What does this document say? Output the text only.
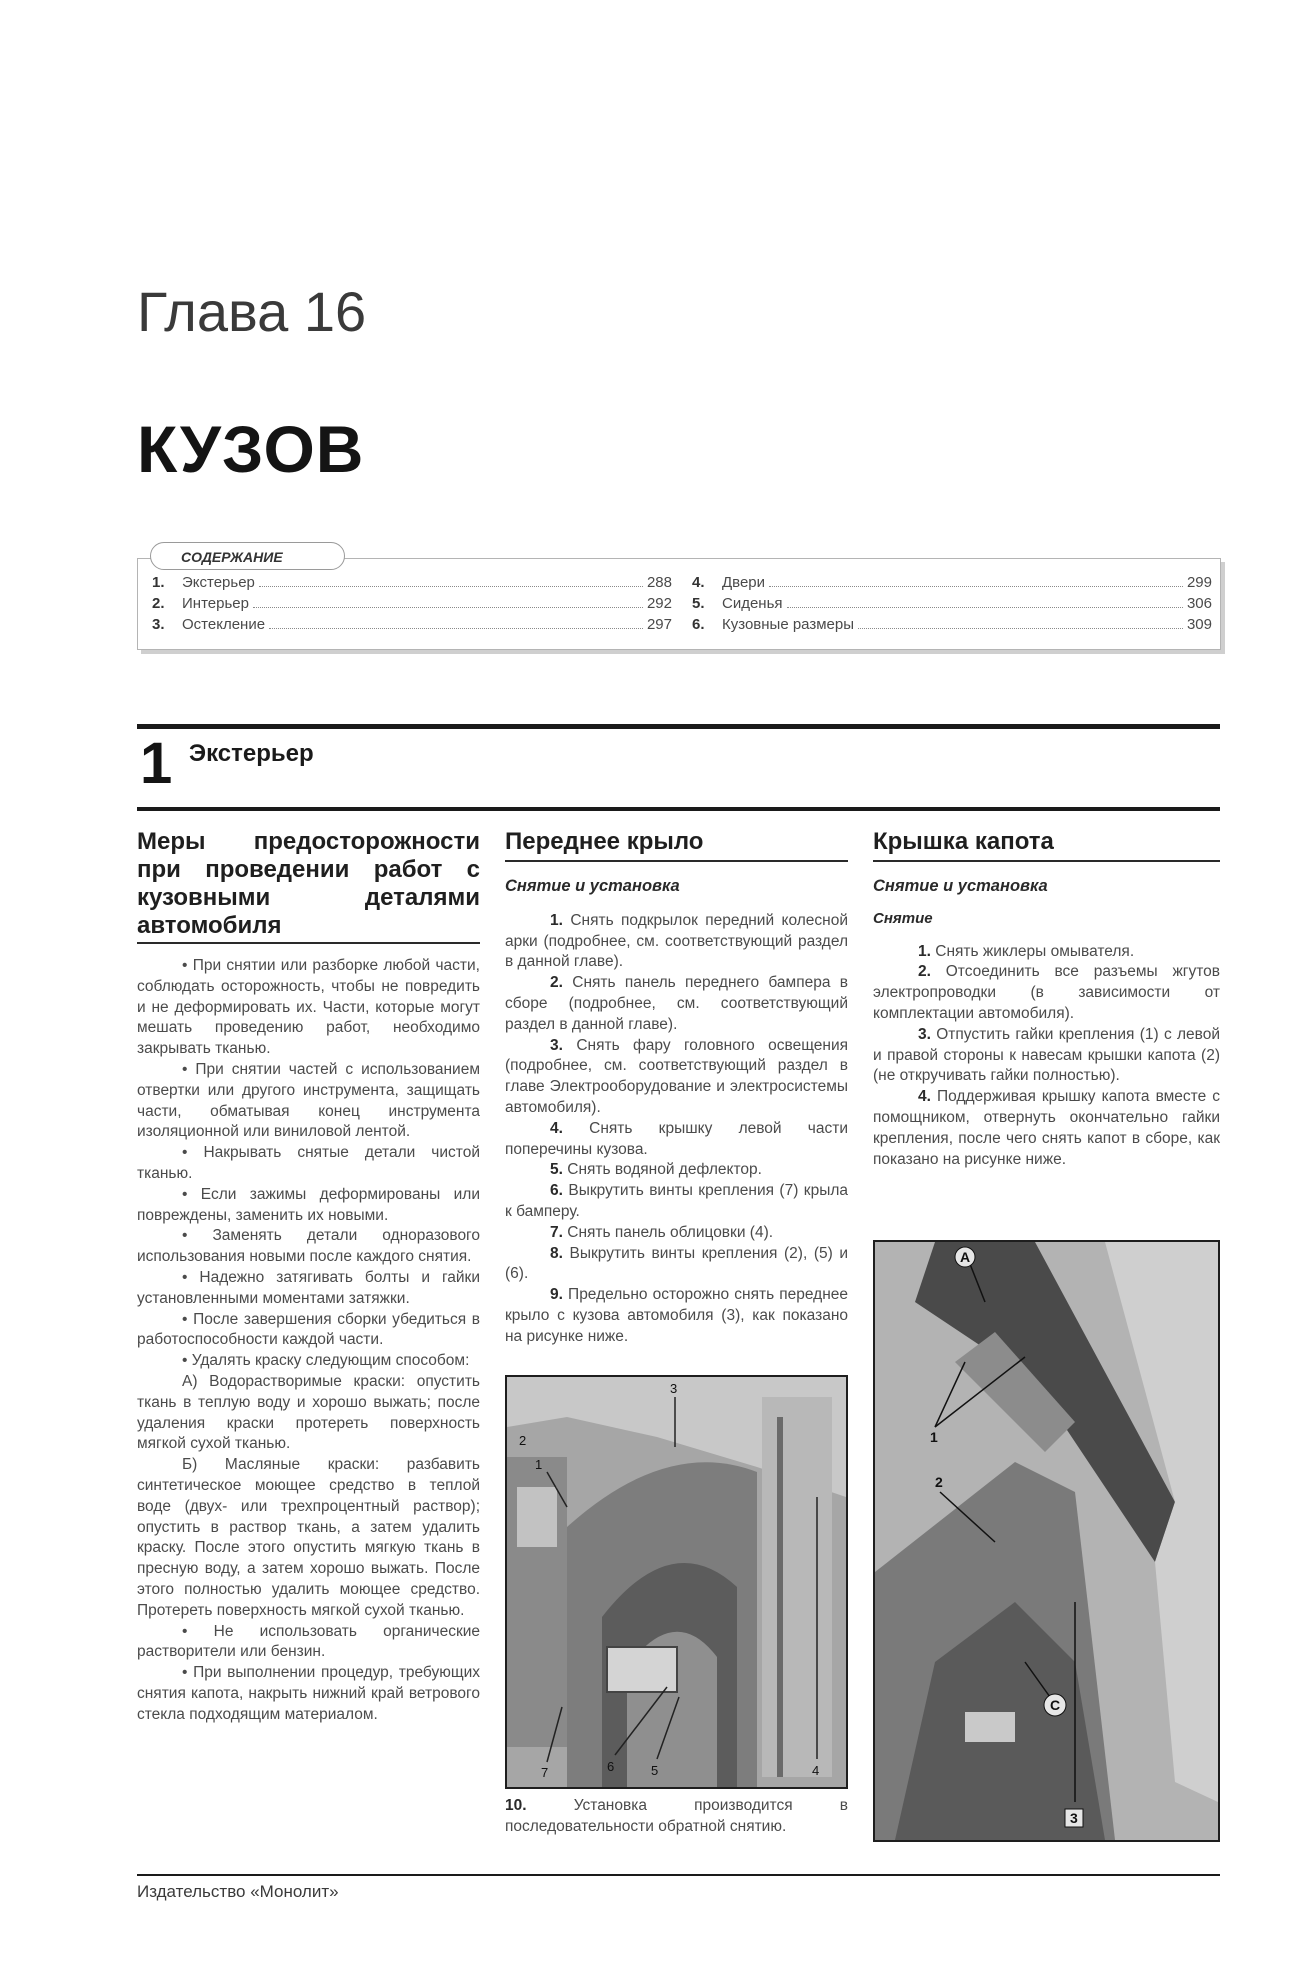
Глава 16
КУЗОВ
СОДЕРЖАНИЕ
1.	Экстерьер	288
2.	Интерьер	292
3.	Остекление	297
4.	Двери	299
5.	Сиденья	306
6.	Кузовные размеры	309
1 Экстерьер
Меры предосторожности при проведении работ с кузовными деталями автомобиля

• При снятии или разборке любой части, соблюдать осторожность, чтобы не повредить и не деформировать их. Части, которые могут мешать проведению работ, необходимо закрывать тканью.

• При снятии частей с использованием отвертки или другого инструмента, защищать части, обматывая конец инструмента изоляционной или виниловой лентой.

• Накрывать снятые детали чистой тканью.

• Если зажимы деформированы или повреждены, заменить их новыми.

• Заменять детали одноразового использования новыми после каждого снятия.

• Надежно затягивать болты и гайки установленными моментами затяжки.

• После завершения сборки убедиться в работоспособности каждой части.

• Удалять краску следующим способом:

А) Водорастворимые краски: опустить ткань в теплую воду и хорошо выжать; после удаления краски протереть поверхность мягкой сухой тканью.

Б) Масляные краски: разбавить синтетическое моющее средство в теплой воде (двух- или трехпроцентный раствор); опустить в раствор ткань, а затем удалить краску. После этого опустить мягкую ткань в пресную воду, а затем хорошо выжать. После этого полностью удалить моющее средство. Протереть поверхность мягкой сухой тканью.

• Не использовать органические растворители или бензин.

• При выполнении процедур, требующих снятия капота, накрыть нижний край ветрового стекла подходящим материалом.

Переднее крыло
Снятие и установка

1. Снять подкрылок передний колесной арки (подробнее, см. соответствующий раздел в данной главе).

2. Снять панель переднего бампера в сборе (подробнее, см. соответствующий раздел в данной главе).

3. Снять фару головного освещения (подробнее, см. соответствующий раздел в главе Электрооборудование и электросистемы автомобиля).

4. Снять крышку левой части поперечины кузова.

5. Снять водяной дефлектор.

6. Выкрутить винты крепления (7) крыла к бамперу.

7. Снять панель облицовки (4).

8. Выкрутить винты крепления (2), (5) и (6).

9. Предельно осторожно снять переднее крыло с кузова автомобиля (3), как показано на рисунке ниже.

3
1
7	6	5	4
2

10.	Установка производится в последовательности обратной снятию.

Крышка капота
Снятие и установка
Снятие

1. Снять жиклеры омывателя.

2. Отсоединить все разъемы жгутов электропроводки (в зависимости от комплектации автомобиля).

3. Отпустить гайки крепления (1) с левой и правой стороны к навесам крышки капота (2) (не откручивать гайки полностью).

4. Поддерживая крышку капота вместе с помощником, отвернуть окончательно гайки крепления, после чего снять капот в сборе, как показано на рисунке ниже.

A
1
2
C
3
Издательство «Монолит»
